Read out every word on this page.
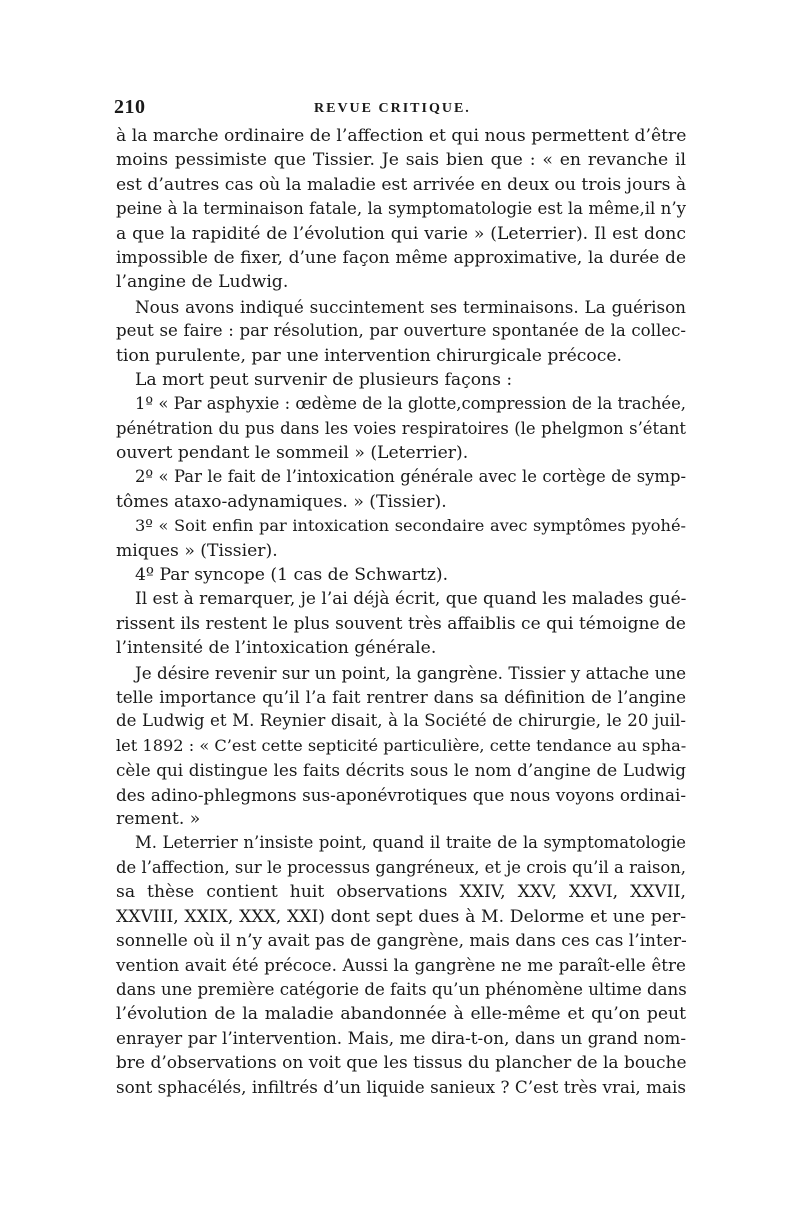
210	REVUE CRITIQUE.
à la marche ordinaire de l’affection et qui nous permettent d’être
moins pessimiste que Tissier. Je sais bien que : « en revanche il
est d’autres cas où la maladie est arrivée en deux ou trois jours à
peine à la terminaison fatale, la symptomatologie est la même,il n’y
a que la rapidité de l’évolution qui varie » (Leterrier). Il est donc
impossible de fixer, d’une façon même approximative, la durée de
l’angine de Ludwig.
Nous avons indiqué succintement ses terminaisons. La guérison
peut se faire : par résolution, par ouverture spontanée de la collec-
tion purulente, par une intervention chirurgicale précoce.
La mort peut survenir de plusieurs façons :
1º « Par asphyxie : œdème de la glotte,compression de la trachée,
pénétration du pus dans les voies respiratoires (le phelgmon s’étant
ouvert pendant le sommeil » (Leterrier).
2º « Par le fait de l’intoxication générale avec le cortège de symp-
tômes ataxo-adynamiques. » (Tissier).
3º « Soit enfin par intoxication secondaire avec symptômes pyohé-
miques » (Tissier).
4º Par syncope (1 cas de Schwartz).
Il est à remarquer, je l’ai déjà écrit, que quand les malades gué-
rissent ils restent le plus souvent très affaiblis ce qui témoigne de
l’intensité de l’intoxication générale.
Je désire revenir sur un point, la gangrène. Tissier y attache une
telle importance qu’il l’a fait rentrer dans sa définition de l’angine
de Ludwig et M. Reynier disait, à la Société de chirurgie, le 20 juil-
let 1892 : « C’est cette septicité particulière, cette tendance au spha-
cèle qui distingue les faits décrits sous le nom d’angine de Ludwig
des adino-phlegmons sus-aponévrotiques que nous voyons ordinai-
rement. »
M. Leterrier n’insiste point, quand il traite de la symptomatologie
de l’affection, sur le processus gangréneux, et je crois qu’il a raison,
sa thèse contient huit observations XXIV, XXV, XXVI, XXVII,
XXVIII, XXIX, XXX, XXI) dont sept dues à M. Delorme et une per-
sonnelle où il n’y avait pas de gangrène, mais dans ces cas l’inter-
vention avait été précoce. Aussi la gangrène ne me paraît-elle être
dans une première catégorie de faits qu’un phénomène ultime dans
l’évolution de la maladie abandonnée à elle-même et qu’on peut
enrayer par l’intervention. Mais, me dira-t-on, dans un grand nom-
bre d’observations on voit que les tissus du plancher de la bouche
sont sphacélés, infiltrés d’un liquide sanieux ? C’est très vrai, mais
